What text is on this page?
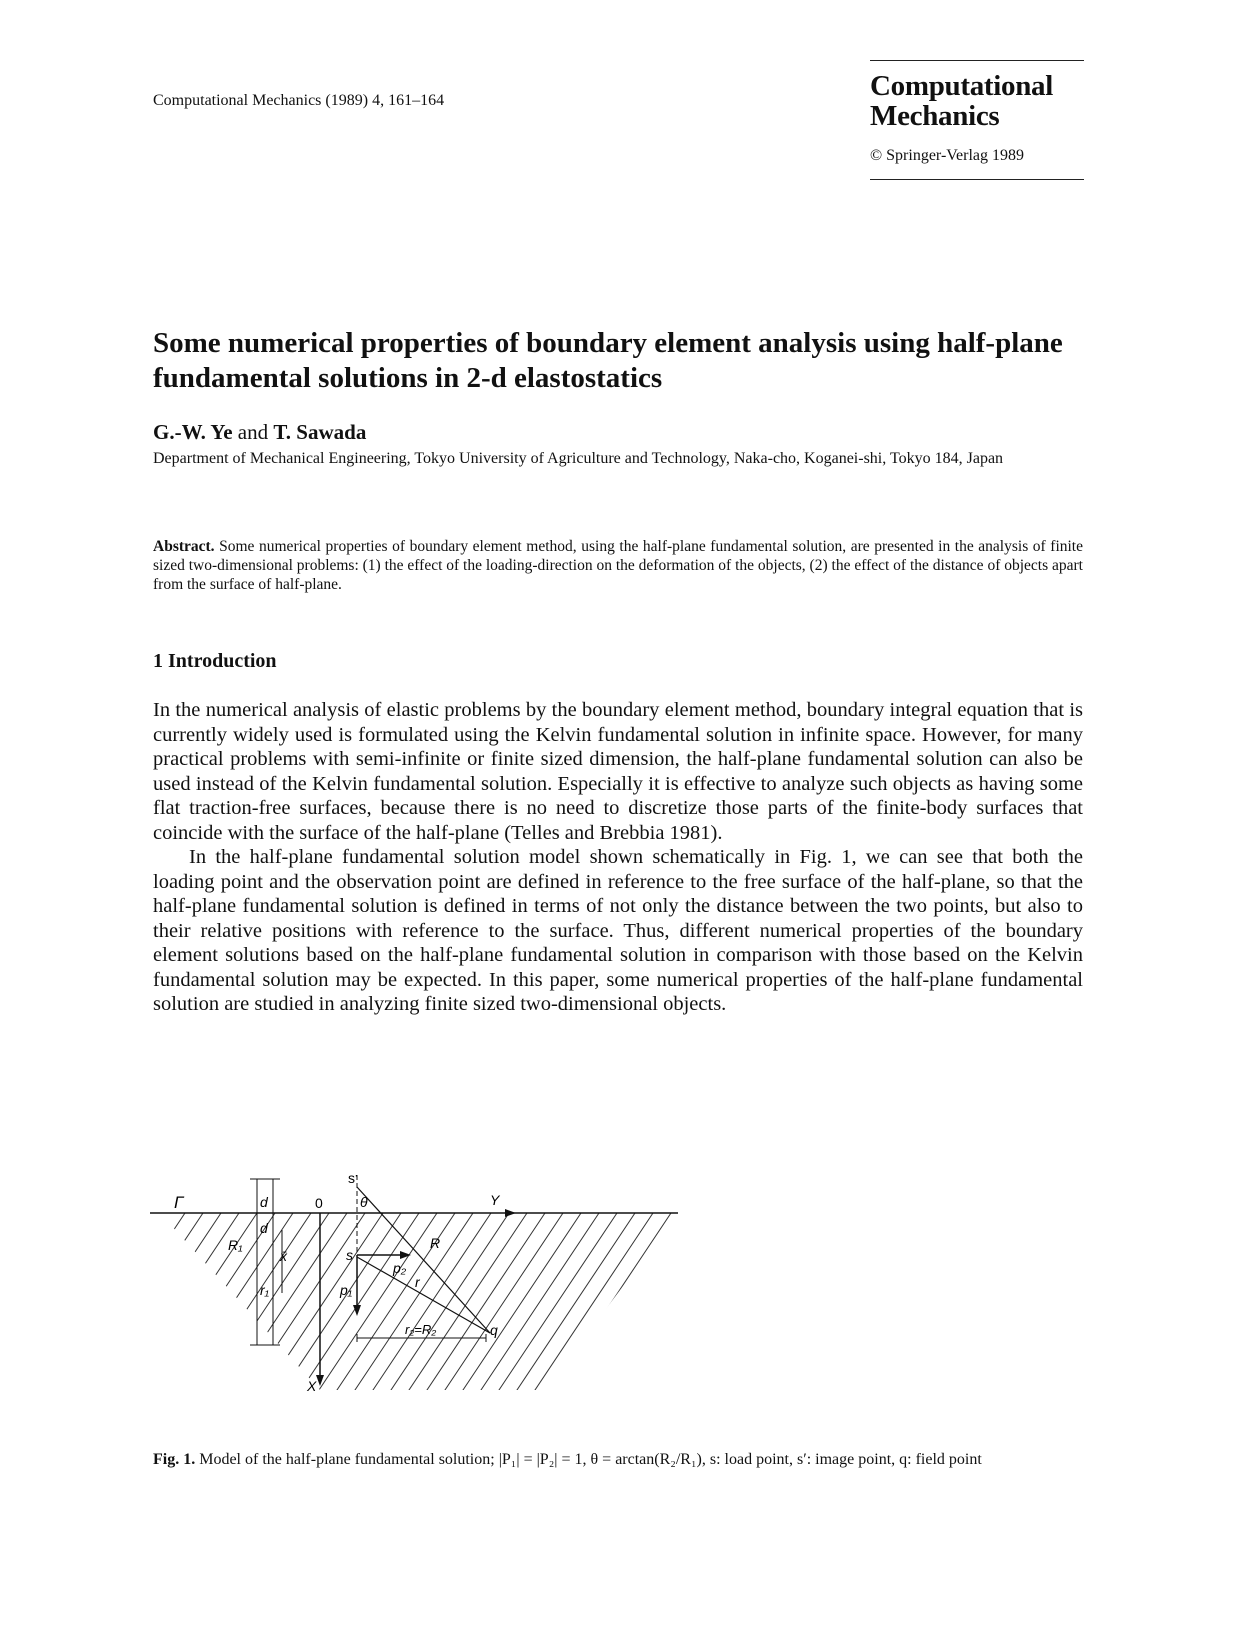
Computational Mechanics (1989) 4, 161–164	Computational
Mechanics
© Springer-Verlag 1989
Some numerical properties of boundary element analysis using half-plane fundamental solutions in 2-d elastostatics
G.-W. Ye and T. Sawada
Department of Mechanical Engineering, Tokyo University of Agriculture and Technology, Naka-cho, Koganei-shi, Tokyo 184, Japan
Abstract. Some numerical properties of boundary element method, using the half-plane fundamental solution, are presented in the analysis of finite sized two-dimensional problems: (1) the effect of the loading-direction on the deformation of the objects, (2) the effect of the distance of objects apart from the surface of half-plane.
1 Introduction

In the numerical analysis of elastic problems by the boundary element method, boundary integral equation that is currently widely used is formulated using the Kelvin fundamental solution in infinite space. However, for many practical problems with semi-infinite or finite sized dimension, the half-plane fundamental solution can also be used instead of the Kelvin fundamental solution. Especially it is effective to analyze such objects as having some flat traction-free surfaces, because there is no need to discretize those parts of the finite-body surfaces that coincide with the surface of the half-plane (Telles and Brebbia 1981).

In the half-plane fundamental solution model shown schematically in Fig. 1, we can see that both the loading point and the observation point are defined in reference to the free surface of the half-plane, so that the half-plane fundamental solution is defined in terms of not only the distance between the two points, but also to their relative positions with reference to the surface. Thus, different numerical properties of the boundary element solutions based on the half-plane fundamental solution in comparison with those based on the Kelvin fundamental solution may be expected. In this paper, some numerical properties of the half-plane fundamental solution are studied in analyzing finite sized two-dimensional objects.

s'
d
Γ	0	θ	Y
d
R₁
x̄	s
R
p₂
r
r₁	p₁
r₂=R₂	q
X
Fig. 1. Model of the half-plane fundamental solution; |P₁| = |P₂| = 1, θ = arctan(R₂/R₁), s: load point, s′: image point, q: field point
